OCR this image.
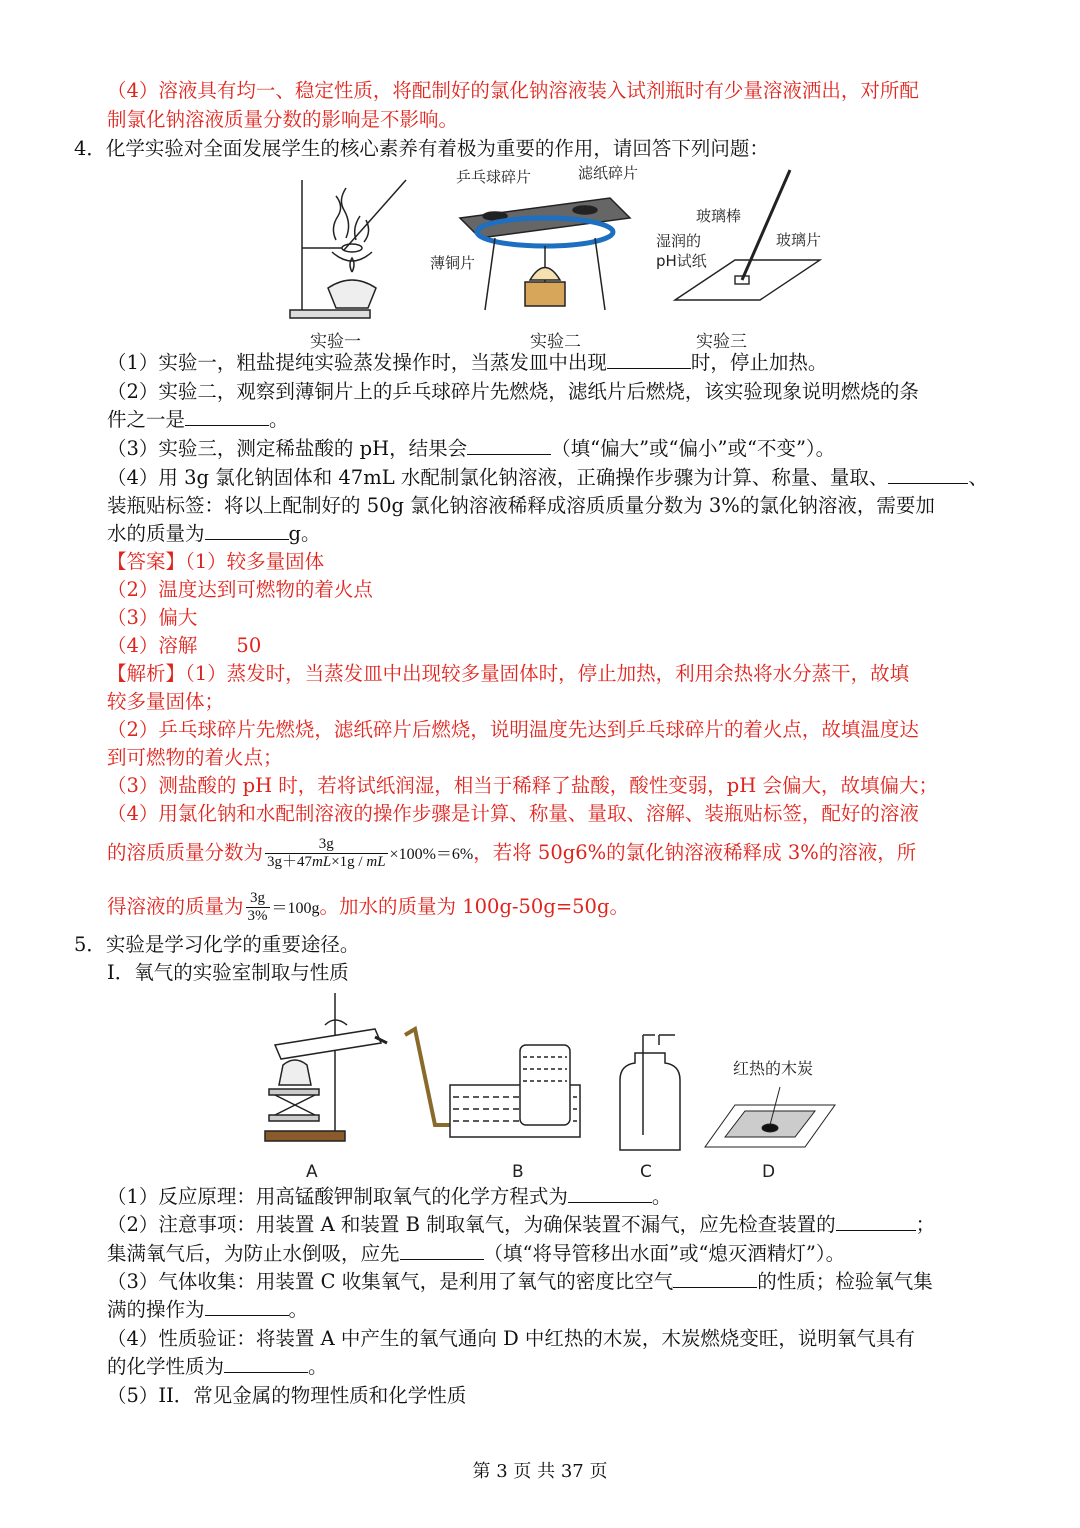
（4）溶液具有均一、稳定性质，将配制好的氯化钠溶液装入试剂瓶时有少量溶液洒出，对所配
制氯化钠溶液质量分数的影响是不影响。
4．化学实验对全面发展学生的核心素养有着极为重要的作用，请回答下列问题：
乒乓球碎片	滤纸碎片
薄铜片
玻璃棒
湿润的
pH试纸
玻璃片
实验一	实验二	实验三
（1）实验一，粗盐提纯实验蒸发操作时，当蒸发皿中出现	时，停止加热。
（2）实验二，观察到薄铜片上的乒乓球碎片先燃烧，滤纸片后燃烧，该实验现象说明燃烧的条
件之一是	。
（3）实验三，测定稀盐酸的 pH，结果会	（填“偏大”或“偏小”或“不变”）。
（4）用 3g 氯化钠固体和 47mL 水配制氯化钠溶液，正确操作步骤为计算、称量、量取、	、
装瓶贴标签：将以上配制好的 50g 氯化钠溶液稀释成溶质质量分数为 3%的氯化钠溶液，需要加
水的质量为	g。
【答案】（1）较多量固体
（2）温度达到可燃物的着火点
（3）偏大
（4）溶解　　50
【解析】（1）蒸发时，当蒸发皿中出现较多量固体时，停止加热，利用余热将水分蒸干，故填
较多量固体；
（2）乒乓球碎片先燃烧，滤纸碎片后燃烧，说明温度先达到乒乓球碎片的着火点，故填温度达
到可燃物的着火点；
（3）测盐酸的 pH 时，若将试纸润湿，相当于稀释了盐酸，酸性变弱，pH 会偏大，故填偏大；
（4）用氯化钠和水配制溶液的操作步骤是计算、称量、量取、溶解、装瓶贴标签，配好的溶液
的溶质质量分数为 $\frac{3g}{3g+47mL\times 1g / mL} \times 100\%=6\%$，若将 50g6%的氯化钠溶液稀释成 3%的溶液，所
得溶液的质量为 $\frac{3g}{3\%} =100g$。加水的质量为 100g-50g=50g。
5．实验是学习化学的重要途径。
I．氧气的实验室制取与性质
红热的木炭
A	B	C	D
（1）反应原理：用高锰酸钾制取氧气的化学方程式为	。
（2）注意事项：用装置 A 和装置 B 制取氧气，为确保装置不漏气，应先检查装置的	；
集满氧气后，为防止水倒吸，应先	（填“将导管移出水面”或“熄灭酒精灯”）。
（3）气体收集：用装置 C 收集氧气，是利用了氧气的密度比空气	的性质；检验氧气集
满的操作为	。
（4）性质验证：将装置 A 中产生的氧气通向 D 中红热的木炭，木炭燃烧变旺，说明氧气具有
的化学性质为	。
（5）II．常见金属的物理性质和化学性质
第 3 页 共 37 页
